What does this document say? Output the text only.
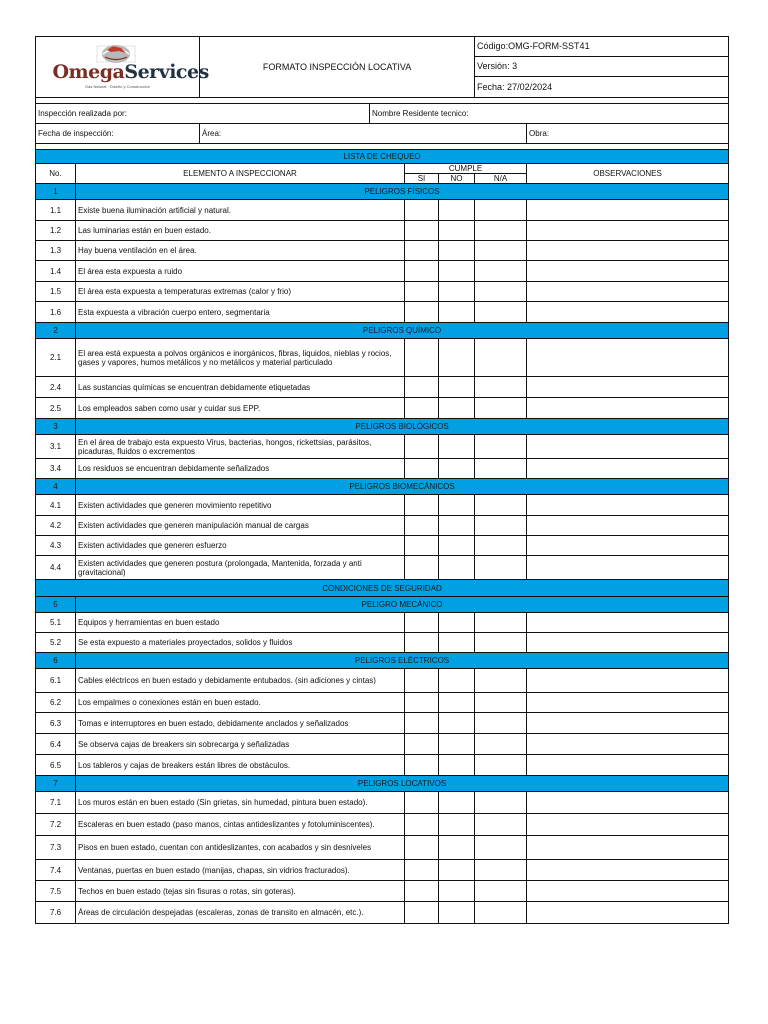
OmegaServices
Gas Natural · Diseño y Construcción		FORMATO INSPECCIÓN LOCATIVA				Código:OMG-FORM-SST41	
						Versión: 3	
						Fecha: 27/02/2024	

Inspección realizada por:			Nombre Residente tecnico:				
Fecha de inspección:		Área:					Obra:

LISTA DE CHEQUEO							
No.	ELEMENTO A INSPECCIONAR			CUMPLE			OBSERVACIONES
				SI	NO	N/A	
1	PELIGROS FÍSICOS						
1.1	Existe buena iluminación artificial y natural.						
1.2	Las luminarias están en buen estado.						
1.3	Hay buena ventilación en el área.						
1.4	El área esta expuesta a ruido						
1.5	El área esta expuesta a temperaturas extremas (calor y frio)						
1.6	Esta expuesta a vibración cuerpo entero, segmentaria						
2	PELIGROS QUÍMICO						
2.1	El area está expuesta a polvos orgánicos e inorgánicos, fibras, liquidos, nieblas y rocios, gases y vapores, humos metálicos y no metálicos y material particulado						
2.4	Las sustancias químicas se encuentran debidamente etiquetadas						
2.5	Los empleados saben como usar y cuidar sus EPP.						
3	PELIGROS BIOLÓGICOS						
3.1	En el área de trabajo esta expuesto Virus, bacterias, hongos, rickettsias, parásitos, picaduras, fluidos o excrementos						
3.4	Los residuos se encuentran debidamente señalizados						
4	PELIGROS BIOMECÁNICOS						
4.1	Existen actividades que generen movimiento repetitivo						
4.2	Existen actividades que generen manipulación manual de cargas						
4.3	Existen actividades que generen esfuerzo						
4.4	Existen actividades que generen postura (prolongada, Mantenida, forzada y anti gravitacional)						
CONDICIONES DE SEGURIDAD							
5	PELIGRO MECÁNICO						
5.1	Equipos y herramientas en buen estado						
5.2	Se esta expuesto a materiales proyectados, solidos y fluidos						
6	PELIGROS ELÉCTRICOS						
6.1	Cables eléctricos en buen estado y debidamente entubados. (sin adiciones y cintas)						
6.2	Los empalmes o conexiones están en buen estado.						
6.3	Tomas e interruptores en buen estado, debidamente anclados y señalizados						
6.4	Se observa cajas de breakers sin sobrecarga y señalizadas						
6.5	Los tableros y cajas de breakers están libres de obstáculos.						
7	PELIGROS LOCATIVOS						
7.1	Los muros están en buen estado (Sin grietas, sin humedad, pintura buen estado).						
7.2	Escaleras en buen estado (paso manos, cintas antideslizantes y fotoluminiscentes).						
7.3	Pisos en buen estado, cuentan con antideslizantes, con acabados y sin desniveles						
7.4	Ventanas, puertas en buen estado (manijas, chapas, sin vidrios fracturados).						
7.5	Techos en buen estado (tejas sin fisuras o rotas, sin goteras).						
7.6	Áreas de circulación despejadas (escaleras, zonas de transito en almacén, etc.).						
